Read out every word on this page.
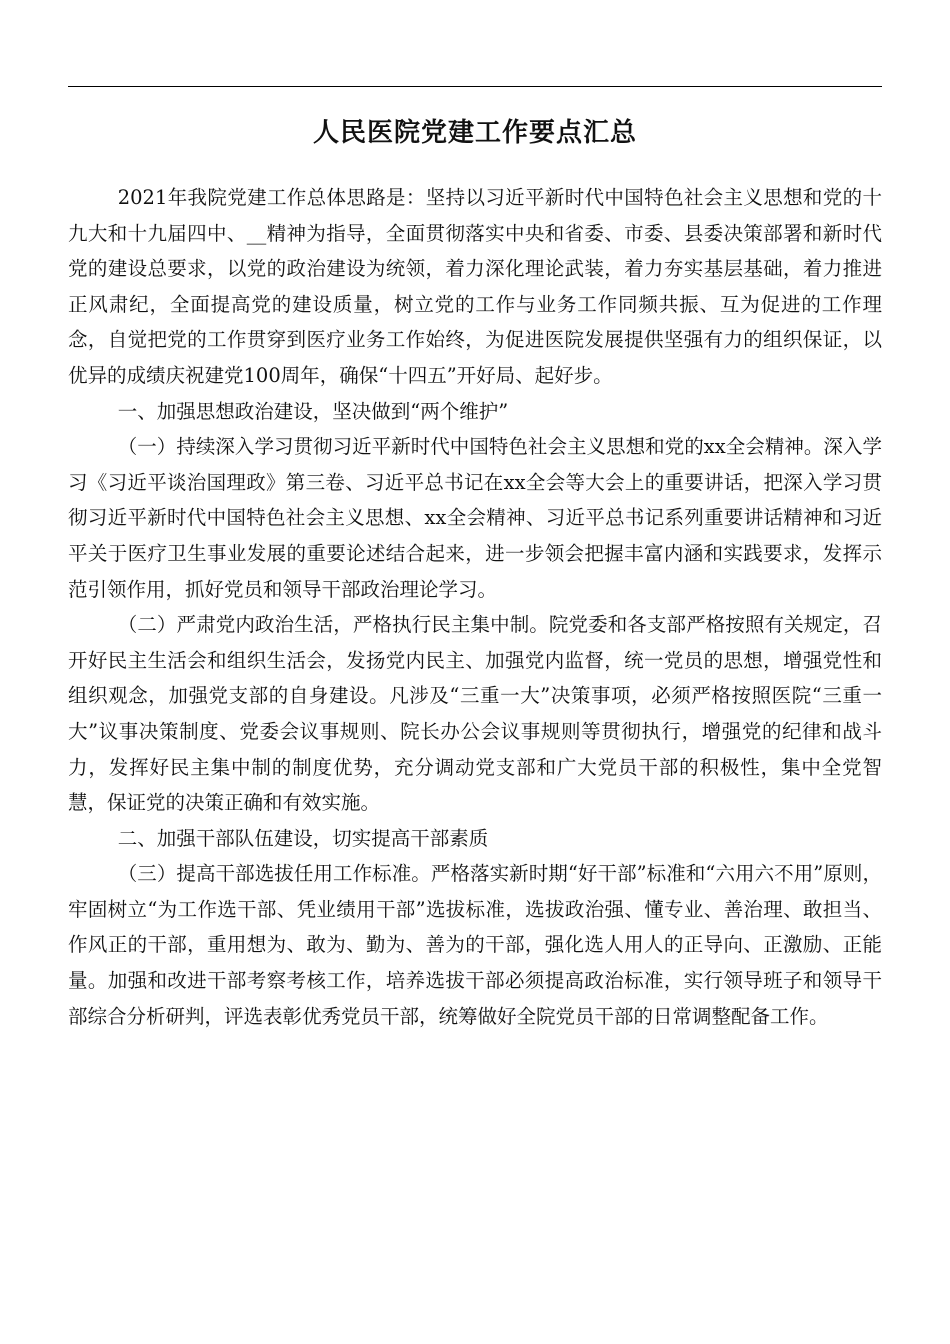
人民医院党建工作要点汇总

2021年我院党建工作总体思路是：坚持以习近平新时代中国特色社会主义思想和党的十九大和十九届四中、__精神为指导，全面贯彻落实中央和省委、市委、县委决策部署和新时代党的建设总要求，以党的政治建设为统领，着力深化理论武装，着力夯实基层基础，着力推进正风肃纪，全面提高党的建设质量，树立党的工作与业务工作同频共振、互为促进的工作理念，自觉把党的工作贯穿到医疗业务工作始终，为促进医院发展提供坚强有力的组织保证，以优异的成绩庆祝建党100周年，确保“十四五”开好局、起好步。

一、加强思想政治建设，坚决做到“两个维护”

（一）持续深入学习贯彻习近平新时代中国特色社会主义思想和党的xx全会精神。深入学习《习近平谈治国理政》第三卷、习近平总书记在xx全会等大会上的重要讲话，把深入学习贯彻习近平新时代中国特色社会主义思想、xx全会精神、习近平总书记系列重要讲话精神和习近平关于医疗卫生事业发展的重要论述结合起来，进一步领会把握丰富内涵和实践要求，发挥示范引领作用，抓好党员和领导干部政治理论学习。

（二）严肃党内政治生活，严格执行民主集中制。院党委和各支部严格按照有关规定，召开好民主生活会和组织生活会，发扬党内民主、加强党内监督，统一党员的思想，增强党性和组织观念，加强党支部的自身建设。凡涉及“三重一大”决策事项，必须严格按照医院“三重一大”议事决策制度、党委会议事规则、院长办公会议事规则等贯彻执行，增强党的纪律和战斗力，发挥好民主集中制的制度优势，充分调动党支部和广大党员干部的积极性，集中全党智慧，保证党的决策正确和有效实施。

二、加强干部队伍建设，切实提高干部素质

（三）提高干部选拔任用工作标准。严格落实新时期“好干部”标准和“六用六不用”原则，牢固树立“为工作选干部、凭业绩用干部”选拔标准，选拔政治强、懂专业、善治理、敢担当、作风正的干部，重用想为、敢为、勤为、善为的干部，强化选人用人的正导向、正激励、正能量。加强和改进干部考察考核工作，培养选拔干部必须提高政治标准，实行领导班子和领导干部综合分析研判，评选表彰优秀党员干部，统筹做好全院党员干部的日常调整配备工作。
